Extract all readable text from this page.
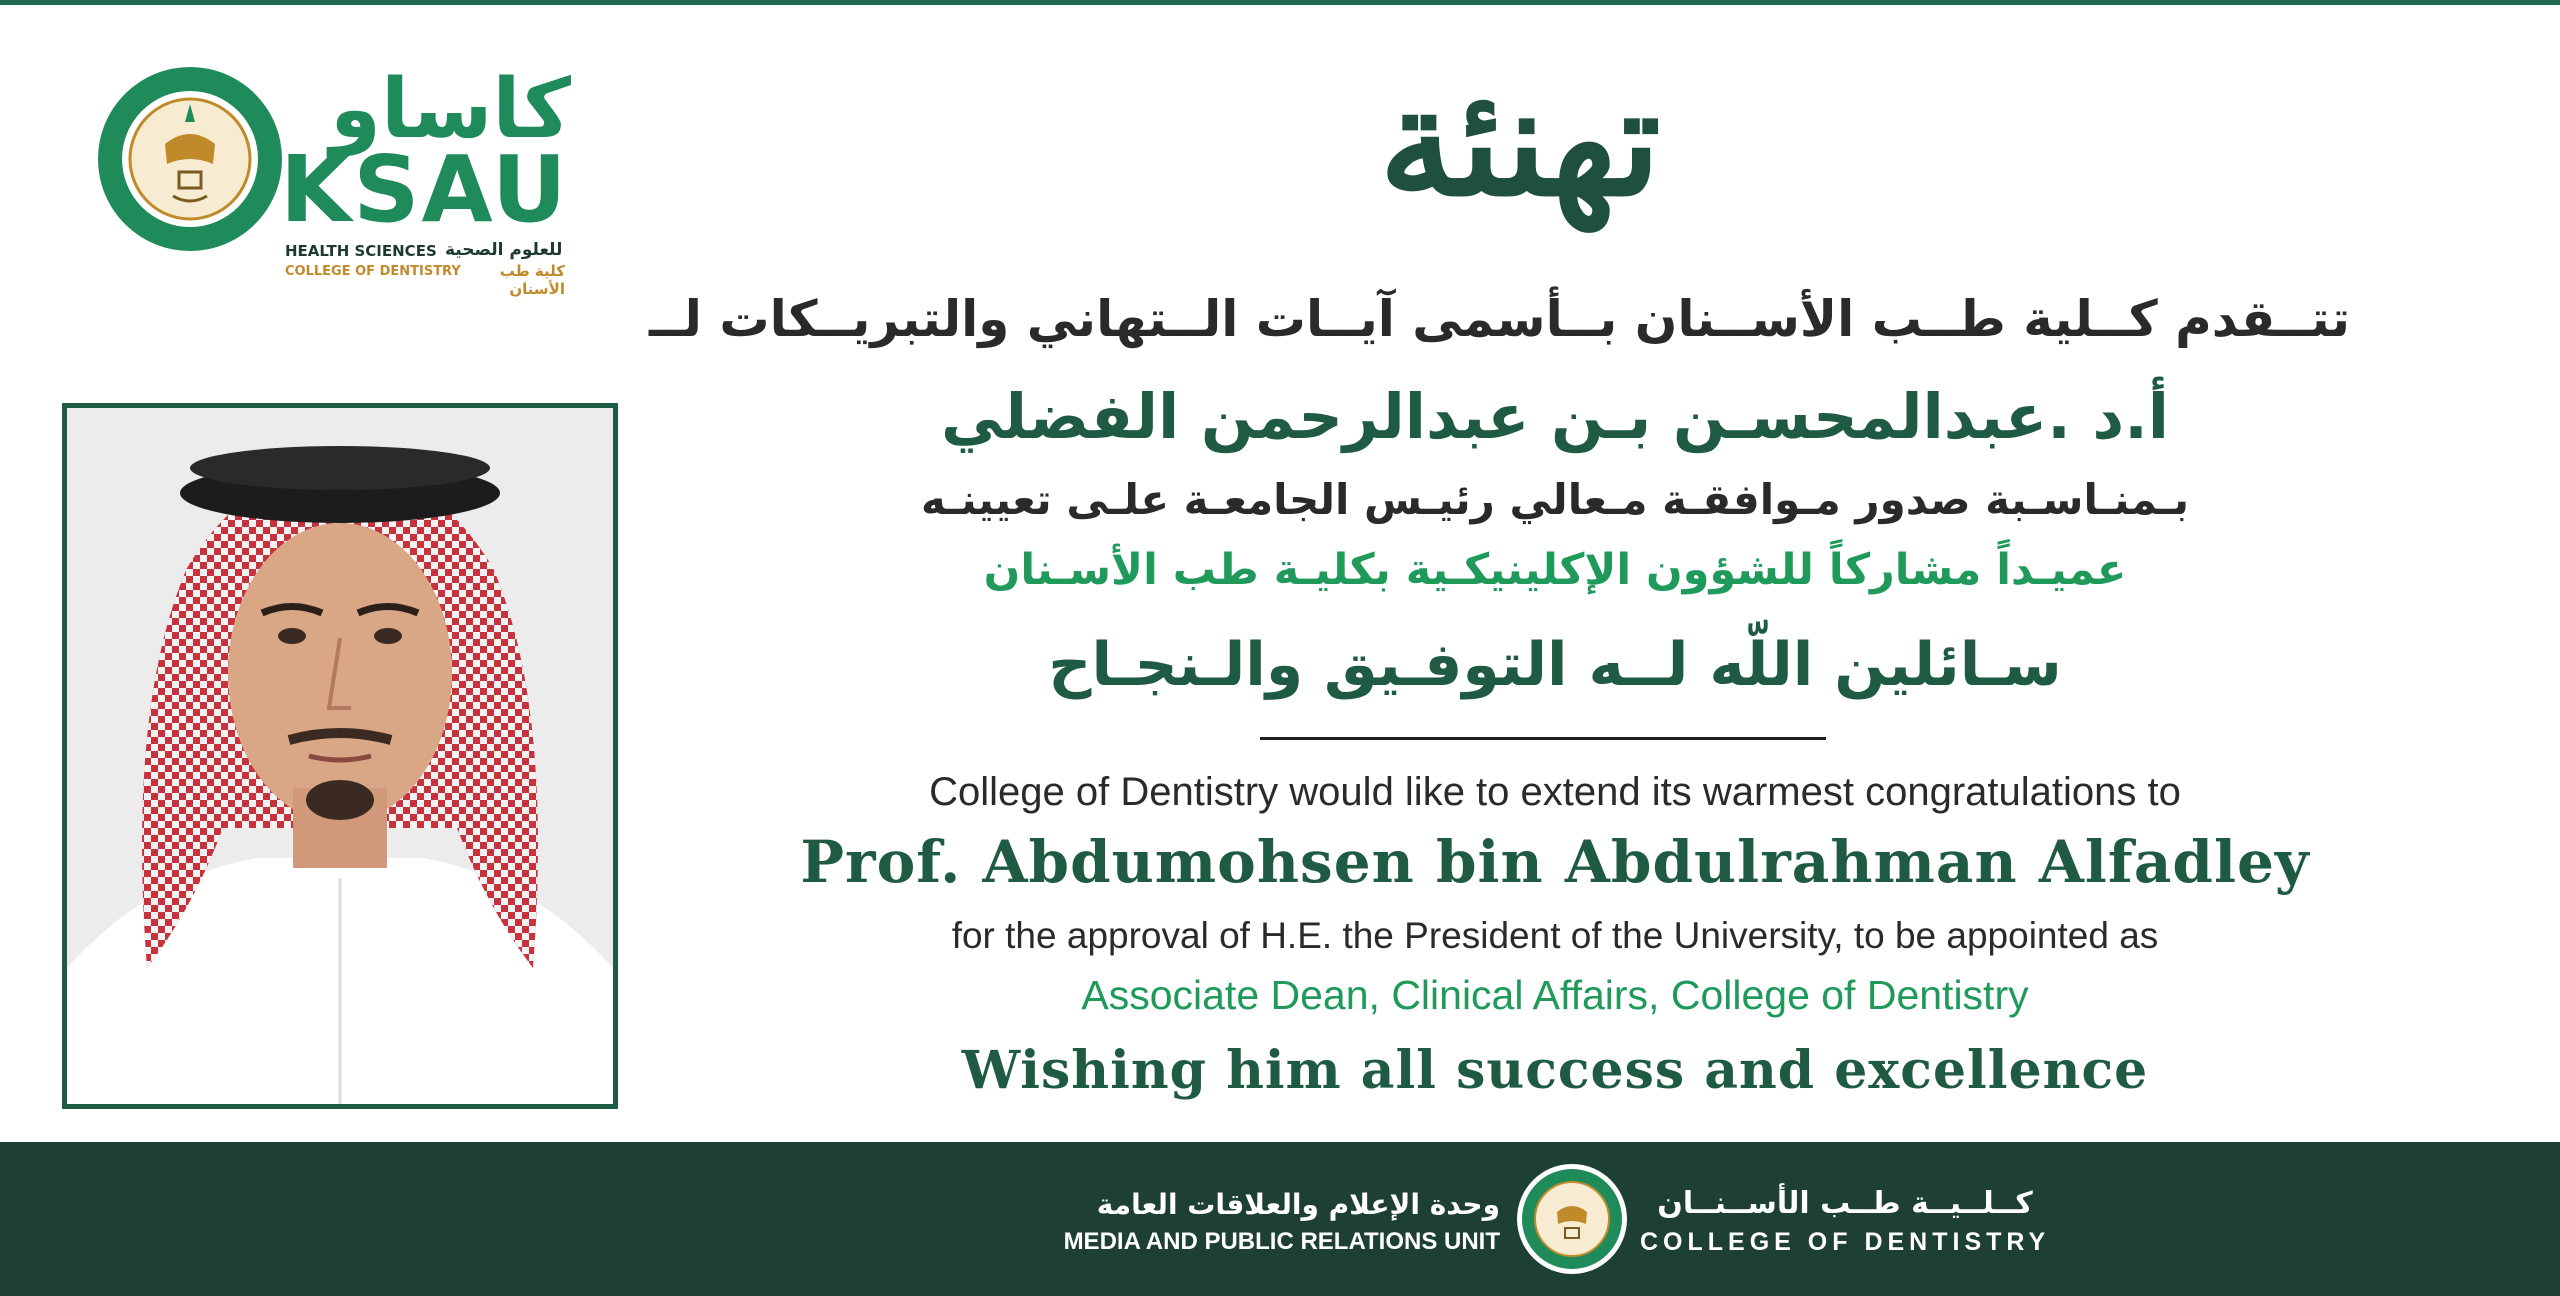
كاساو
KSAU
HEALTH SCIENCES للعلوم الصحية
COLLEGE OF DENTISTRY	كلية طب الأسنان
تهنئة
تتــقدم كــلية طــب الأســنان بــأسمى آيــات الــتهاني والتبريــكات لــ
أ.د .عبدالمحسـن بـن عبدالرحمن الفضلي
بـمنـاسـبة صدور مـوافقـة مـعالي رئيـس الجامعـة علـى تعيينـه
عميـداً مشاركاً للشؤون الإكلينيكـية بكليـة طب الأسـنان
سـائلين اللّه لــه التوفـيق والـنجـاح
College of Dentistry would like to extend its warmest congratulations to
Prof. Abdumohsen bin Abdulrahman Alfadley
for the approval of H.E. the President of the University, to be appointed as
Associate Dean, Clinical Affairs, College of Dentistry
Wishing him all success and excellence
وحدة الإعلام والعلاقات العامة
MEDIA AND PUBLIC RELATIONS UNIT
كــلــيــة طــب الأســنــان
COLLEGE OF DENTISTRY
